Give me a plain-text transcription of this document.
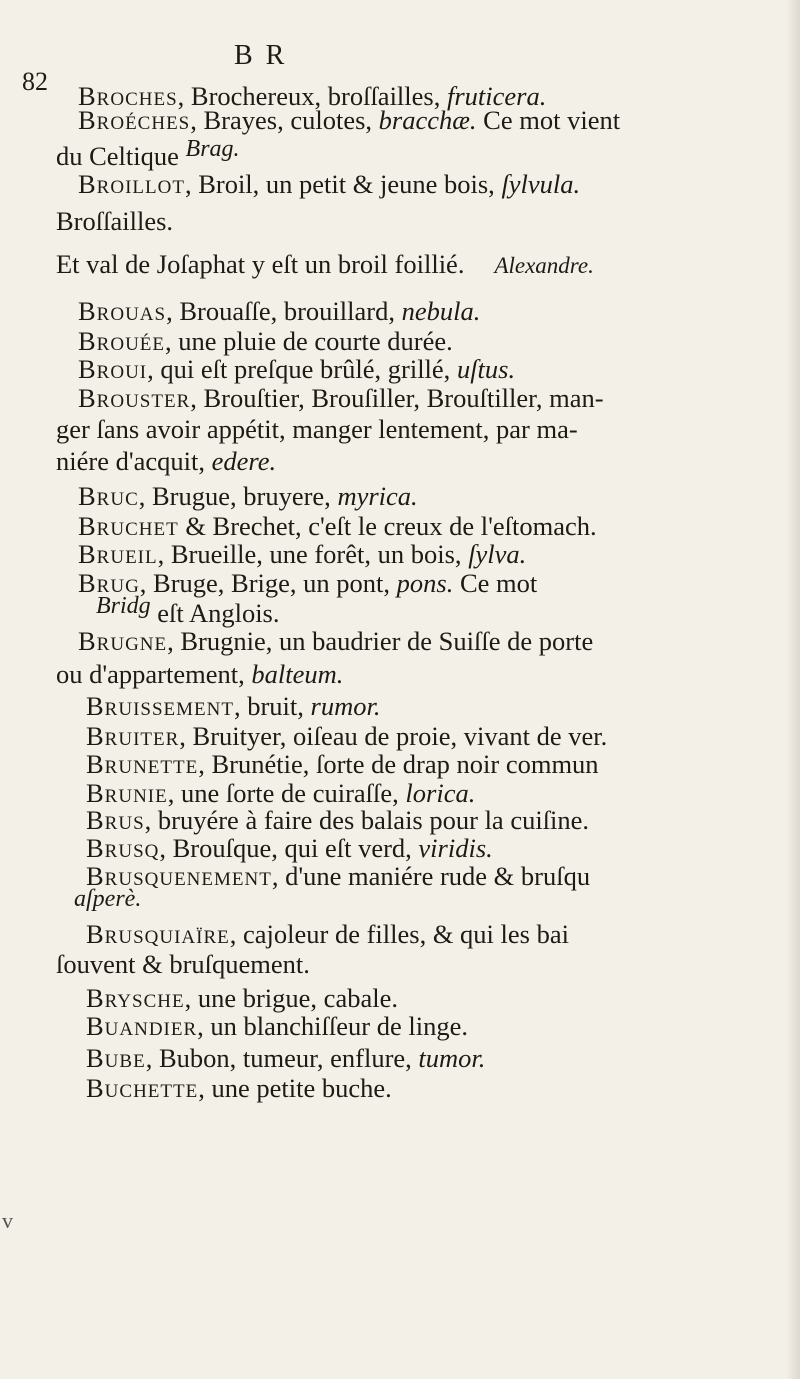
82
B R
v
Broches, Brochereux, broſſailles, fruticera.
Broéches, Brayes, culotes, bracchæ. Ce mot vient
du Celtique Brag.
Broillot, Broil, un petit & jeune bois, ſylvula.
Broſſailles.
Et val de Joſaphat y eſt un broil foillié. Alexandre.
Brouas, Brouaſſe, brouillard, nebula.
Brouée, une pluie de courte durée.
Broui, qui eſt preſque brûlé, grillé, uſtus.
Brouster, Brouſtier, Brouſiller, Brouſtiller, man-
ger ſans avoir appétit, manger lentement, par ma-
niére d'acquit, edere.
Bruc, Brugue, bruyere, myrica.
Bruchet & Brechet, c'eſt le creux de l'eſtomach.
Brueil, Brueille, une forêt, un bois, ſylva.
Brug, Bruge, Brige, un pont, pons. Ce mot
Bridg eſt Anglois.
Brugne, Brugnie, un baudrier de Suiſſe de porte
ou d'appartement, balteum.
Bruissement, bruit, rumor.
Bruiter, Bruityer, oiſeau de proie, vivant de ver.
Brunette, Brunétie, ſorte de drap noir commun
Brunie, une ſorte de cuiraſſe, lorica.
Brus, bruyére à faire des balais pour la cuiſine.
Brusq, Brouſque, qui eſt verd, viridis.
Brusquenement, d'une maniére rude & bruſqu
aſperè.
Brusquiaïre, cajoleur de filles, & qui les bai
ſouvent & bruſquement.
Brysche, une brigue, cabale.
Buandier, un blanchiſſeur de linge.
Bube, Bubon, tumeur, enflure, tumor.
Buchette, une petite buche.
